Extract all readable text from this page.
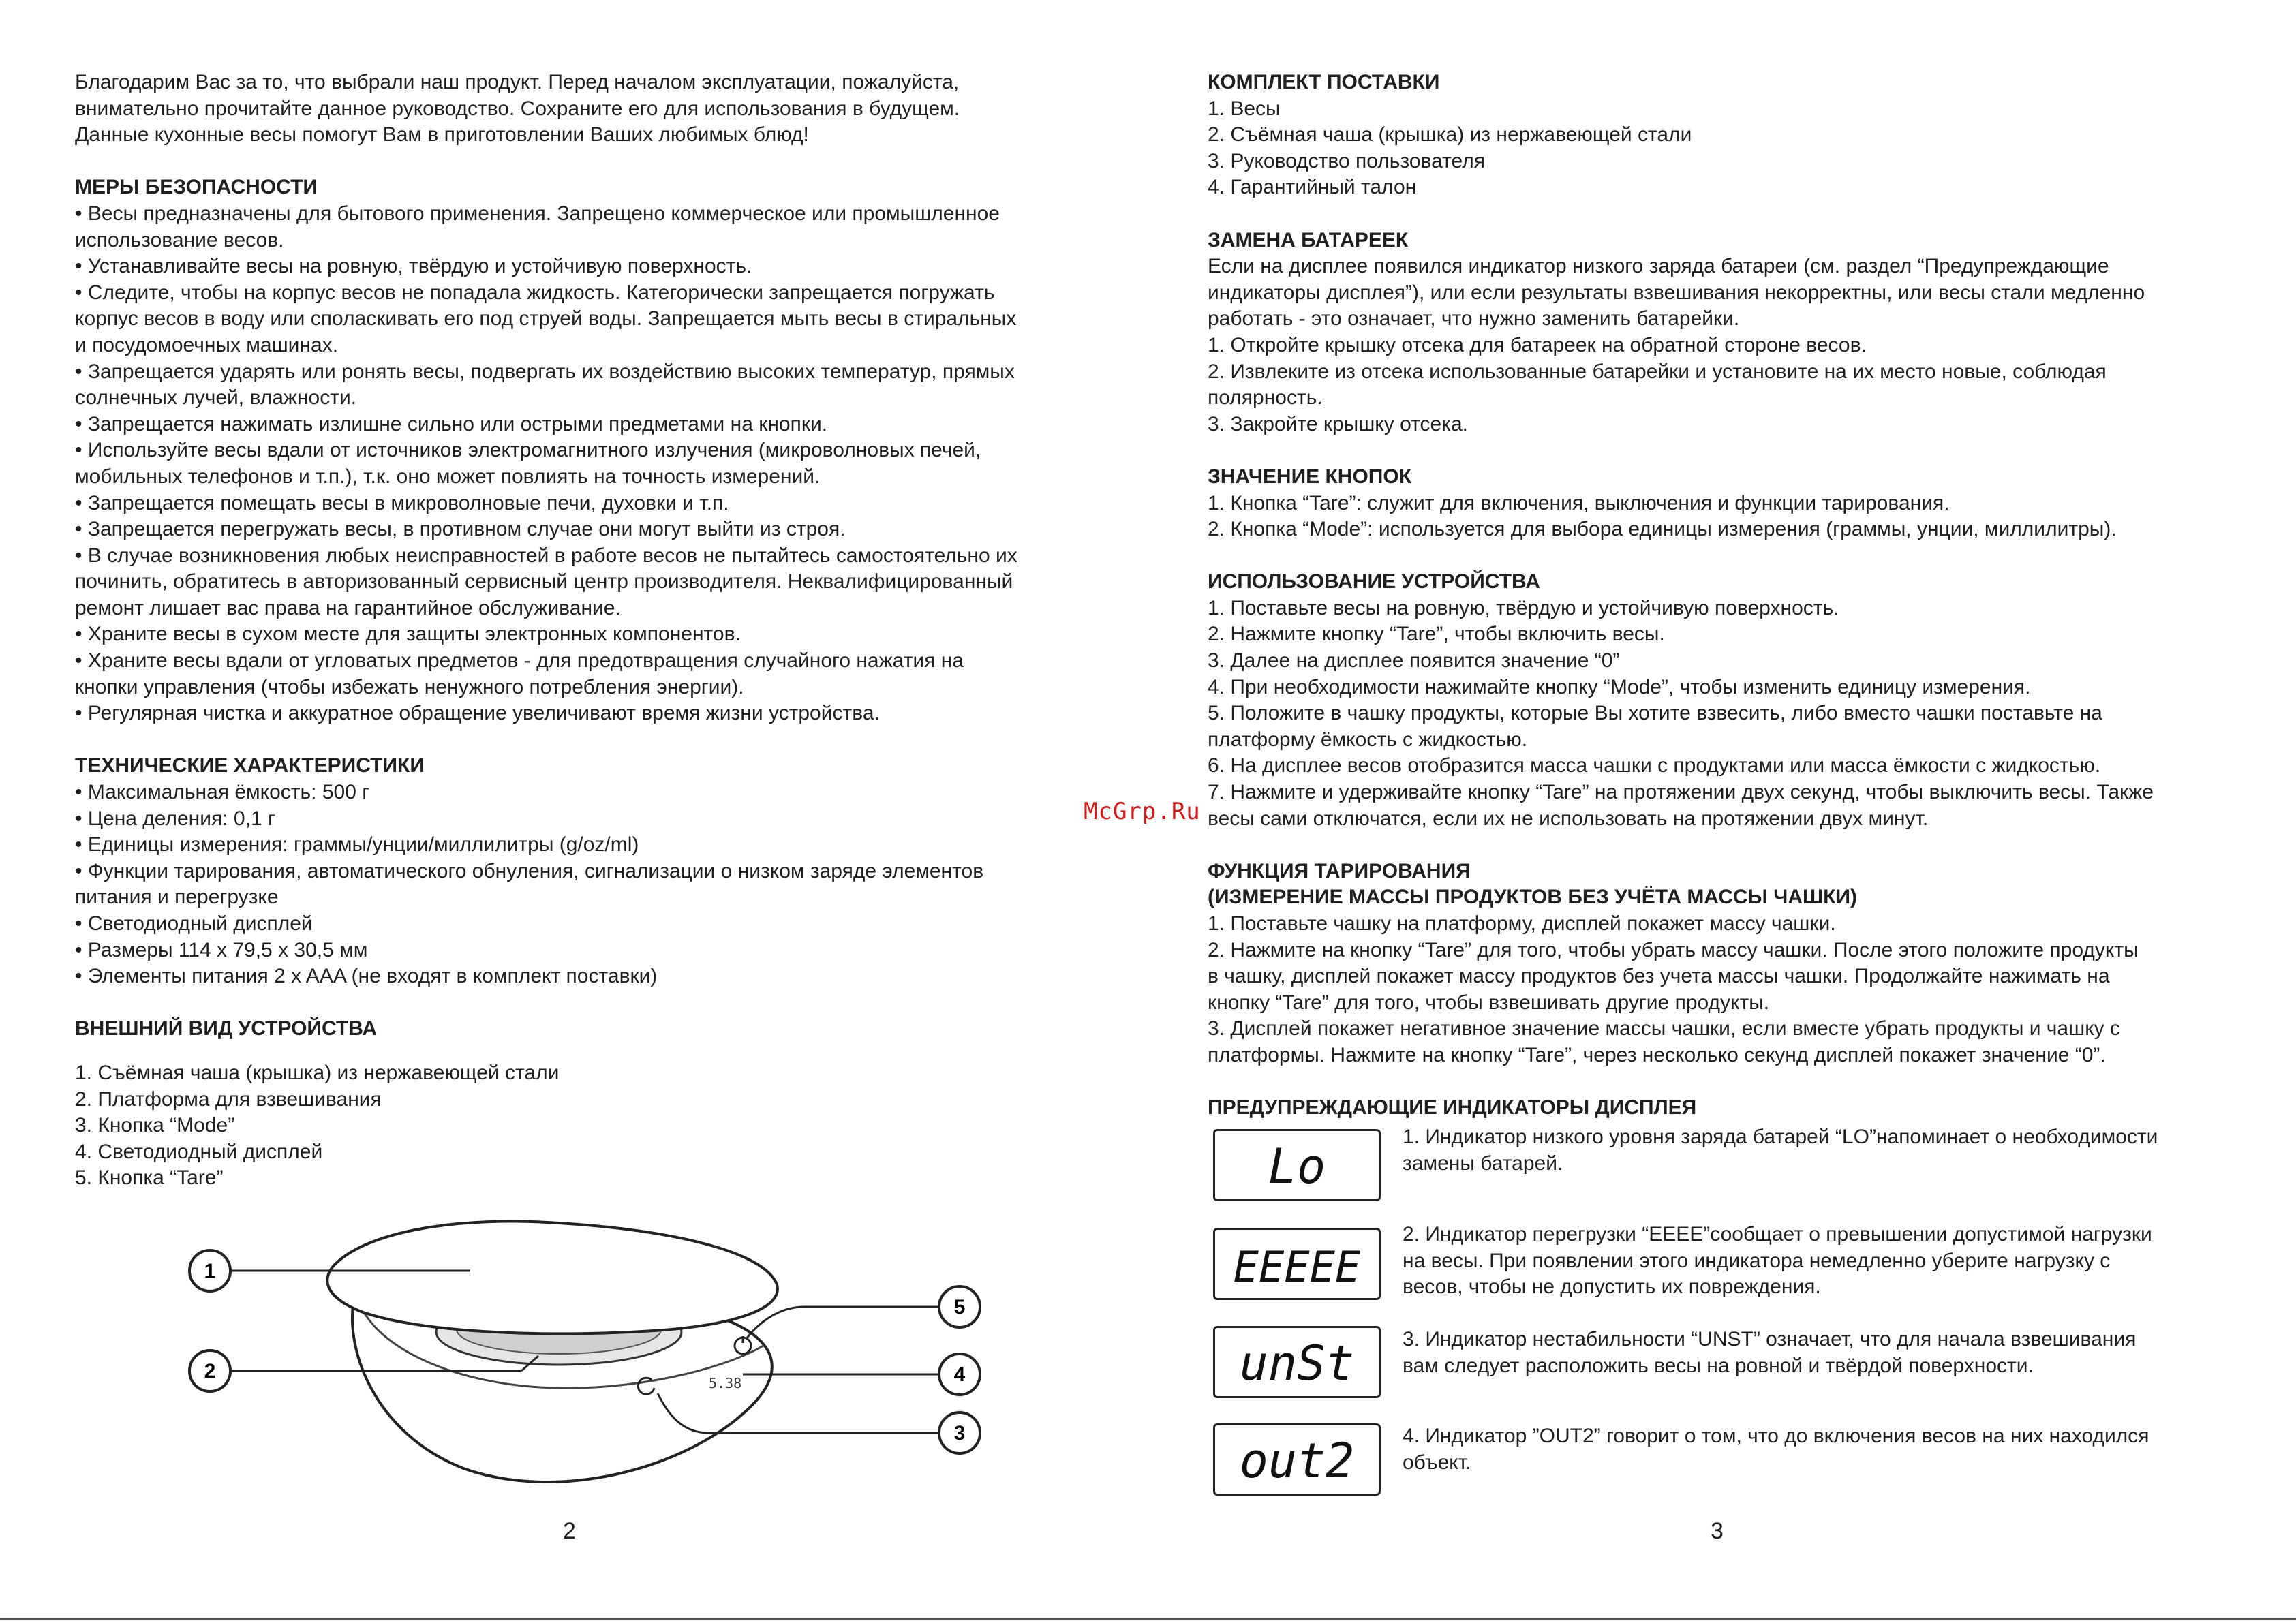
Благодарим Вас за то, что выбрали наш продукт. Перед началом эксплуатации, пожалуйста,

внимательно прочитайте данное руководство. Сохраните его для использования в будущем.

Данные кухонные весы помогут Вам в приготовлении Ваших любимых блюд!

МЕРЫ БЕЗОПАСНОСТИ

• Весы предназначены для бытового применения. Запрещено коммерческое или промышленное

использование весов.

• Устанавливайте весы на ровную, твёрдую и устойчивую поверхность.

• Следите, чтобы на корпус весов не попадала жидкость. Категорически запрещается погружать

корпус весов в воду или споласкивать его под струей воды. Запрещается мыть весы в стиральных

и посудомоечных машинах.

• Запрещается ударять или ронять весы, подвергать их воздействию высоких температур, прямых

солнечных лучей, влажности.

• Запрещается нажимать излишне сильно или острыми предметами на кнопки.

• Используйте весы вдали от источников электромагнитного излучения (микроволновых печей,

мобильных телефонов и т.п.), т.к. оно может повлиять на точность измерений.

• Запрещается помещать весы в микроволновые печи, духовки и т.п.

• Запрещается перегружать весы, в противном случае они могут выйти из строя.

• В случае возникновения любых неисправностей в работе весов не пытайтесь самостоятельно их

починить, обратитесь в авторизованный сервисный центр производителя. Неквалифицированный

ремонт лишает вас права на гарантийное обслуживание.

• Храните весы в сухом месте для защиты электронных компонентов.

• Храните весы вдали от угловатых предметов - для предотвращения случайного нажатия на

кнопки управления (чтобы избежать ненужного потребления энергии).

• Регулярная чистка и аккуратное обращение увеличивают время жизни устройства.

ТЕХНИЧЕСКИЕ ХАРАКТЕРИСТИКИ

• Максимальная ёмкость: 500 г

• Цена деления: 0,1 г

• Единицы измерения: граммы/унции/миллилитры (g/oz/ml)

• Функции тарирования, автоматического обнуления, сигнализации о низком заряде элементов

питания и перегрузке

• Светодиодный дисплей

• Размеры 114 x 79,5 x 30,5 мм

• Элементы питания 2 x AAA (не входят в комплект поставки)

ВНЕШНИЙ ВИД УСТРОЙСТВА

1. Съёмная чаша (крышка) из нержавеющей стали

2. Платформа для взвешивания

3. Кнопка “Mode”

4. Светодиодный дисплей

5. Кнопка “Tare”

5.38
1
2
3
4
5

КОМПЛЕКТ ПОСТАВКИ

1. Весы

2. Съёмная чаша (крышка) из нержавеющей стали

3. Руководство пользователя

4. Гарантийный талон

ЗАМЕНА БАТАРЕЕК

Если на дисплее появился индикатор низкого заряда батареи (см. раздел “Предупреждающие

индикаторы дисплея”), или если результаты взвешивания некорректны, или весы стали медленно

работать - это означает, что нужно заменить батарейки.

1. Откройте крышку отсека для батареек на обратной стороне весов.

2. Извлеките из отсека использованные батарейки и установите на их место новые, соблюдая

полярность.

3. Закройте крышку отсека.

ЗНАЧЕНИЕ КНОПОК

1. Кнопка “Tare”: служит для включения, выключения и функции тарирования.

2. Кнопка “Mode”: используется для выбора единицы измерения (граммы, унции, миллилитры).

ИСПОЛЬЗОВАНИЕ УСТРОЙСТВА

1. Поставьте весы на ровную, твёрдую и устойчивую поверхность.

2. Нажмите кнопку “Tare”, чтобы включить весы.

3. Далее на дисплее появится значение “0”

4. При необходимости нажимайте кнопку “Mode”, чтобы изменить единицу измерения.

5. Положите в чашку продукты, которые Вы хотите взвесить, либо вместо чашки поставьте на

платформу ёмкость с жидкостью.

6. На дисплее весов отобразится масса чашки с продуктами или масса ёмкости с жидкостью.

7. Нажмите и удерживайте кнопку “Tare” на протяжении двух секунд, чтобы выключить весы. Также

весы сами отключатся, если их не использовать на протяжении двух минут.

ФУНКЦИЯ ТАРИРОВАНИЯ

(ИЗМЕРЕНИЕ МАССЫ ПРОДУКТОВ БЕЗ УЧЁТА МАССЫ ЧАШКИ)

1. Поставьте чашку на платформу, дисплей покажет массу чашки.

2. Нажмите на кнопку “Tare” для того, чтобы убрать массу чашки. После этого положите продукты

в чашку, дисплей покажет массу продуктов без учета массы чашки. Продолжайте нажимать на

кнопку “Tare” для того, чтобы взвешивать другие продукты.

3. Дисплей покажет негативное значение массы чашки, если вместе убрать продукты и чашку с

платформы. Нажмите на кнопку “Tare”, через несколько секунд дисплей покажет значение “0”.

ПРЕДУПРЕЖДАЮЩИЕ ИНДИКАТОРЫ ДИСПЛЕЯ

Lo

1. Индикатор низкого уровня заряда батарей “LO”напоминает о необходимости

замены батарей.

EEEEE

2. Индикатор перегрузки “EEEE”сообщает о превышении допустимой нагрузки

на весы. При появлении этого индикатора немедленно уберите нагрузку с

весов, чтобы не допустить их повреждения.

unSt 3. Индикатор нестабильности “UNST” означает, что для начала взвешивания

вам следует расположить весы на ровной и твёрдой поверхности.

out2 4. Индикатор ”OUT2” говорит о том, что до включения весов на них находился

объект.

McGrp.Ru
2	3
